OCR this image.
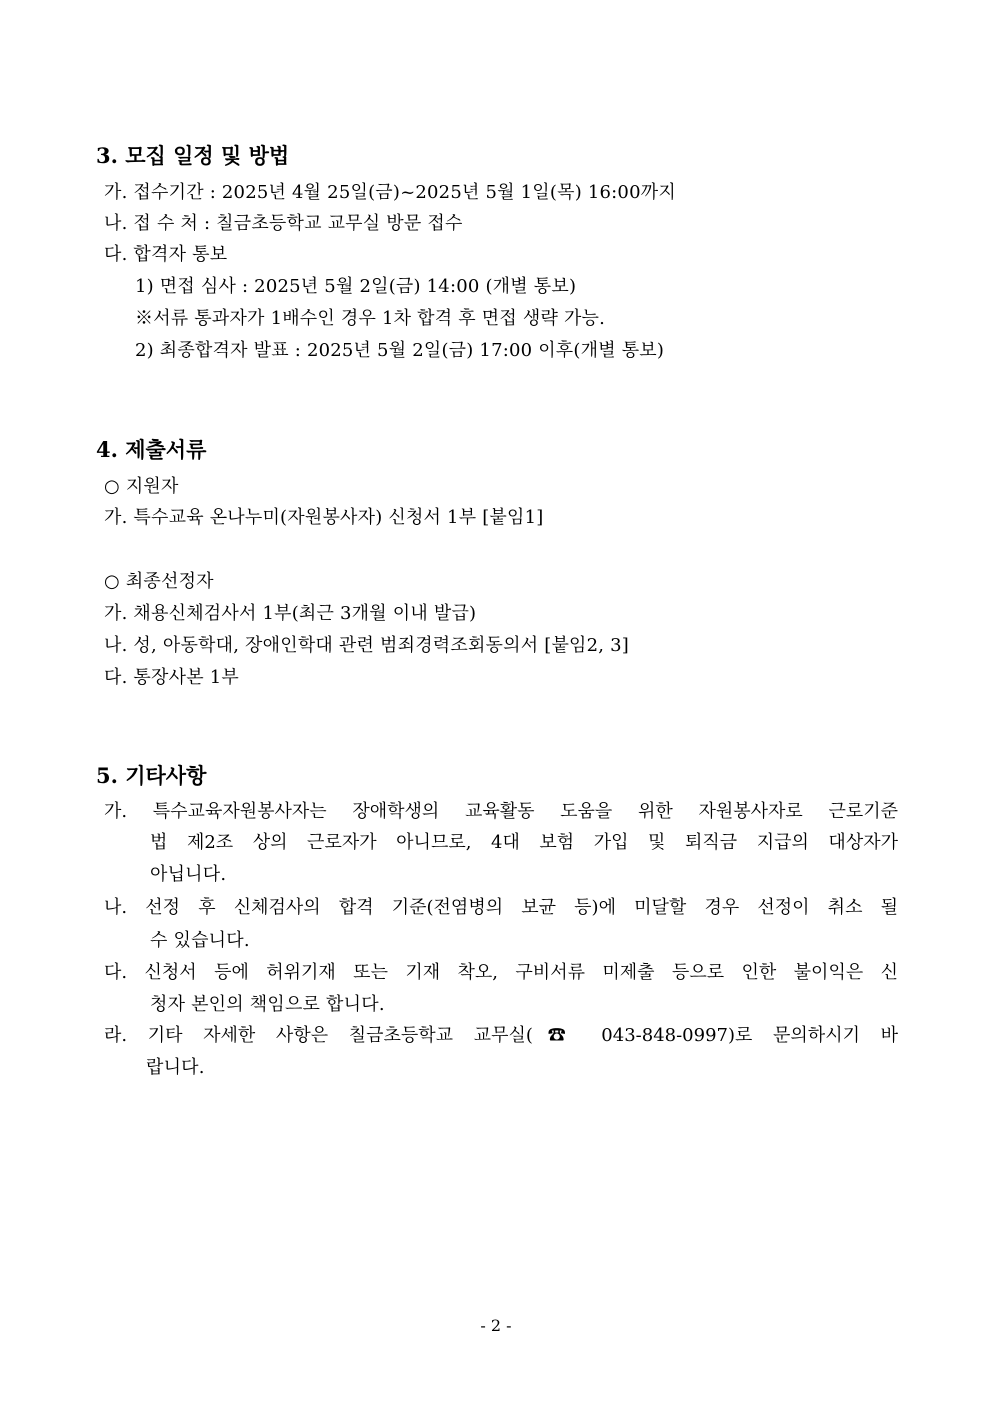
3. 모집 일정 및 방법
가. 접수기간 : 2025년 4월 25일(금)~2025년 5월 1일(목) 16:00까지
나. 접 수 처 : 칠금초등학교 교무실 방문 접수
다. 합격자 통보
1) 면접 심사 : 2025년 5월 2일(금) 14:00 (개별 통보)
※서류 통과자가 1배수인 경우 1차 합격 후 면접 생략 가능.
2) 최종합격자 발표 : 2025년 5월 2일(금) 17:00 이후(개별 통보)
4. 제출서류
○ 지원자
가. 특수교육 온나누미(자원봉사자) 신청서 1부 [붙임1]
○ 최종선정자
가. 채용신체검사서 1부(최근 3개월 이내 발급)
나. 성, 아동학대, 장애인학대 관련 범죄경력조회동의서 [붙임2, 3]
다. 통장사본 1부
5. 기타사항
가. 특수교육자원봉사자는 장애학생의 교육활동 도움을 위한 자원봉사자로 근로기준
법 제2조 상의 근로자가 아니므로, 4대 보험 가입 및 퇴직금 지급의 대상자가
아닙니다.
나. 선정 후 신체검사의 합격 기준(전염병의 보균 등)에 미달할 경우 선정이 취소 될
수 있습니다.
다. 신청서 등에 허위기재 또는 기재 착오, 구비서류 미제출 등으로 인한 불이익은 신
청자 본인의 책임으로 합니다.
라. 기타 자세한 사항은 칠금초등학교 교무실(☎ 043-848-0997)로 문의하시기 바
랍니다.
- 2 -
